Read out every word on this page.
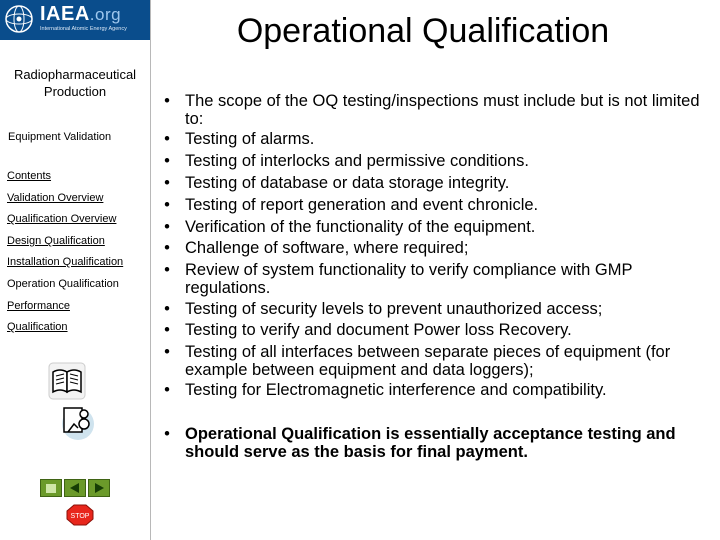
IAEA.org
International Atomic Energy Agency
Radiopharmaceutical Production
Equipment Validation
Contents
Validation Overview
Qualification Overview
Design Qualification
Installation Qualification
Operation Qualification
Performance
Qualification
STOP
Operational Qualification
• The scope of the OQ testing/inspections must include but is not limited to:
• Testing of alarms.
• Testing of interlocks and permissive conditions.
• Testing of database or data storage integrity.
• Testing of report generation and event chronicle.
• Verification of the functionality of the equipment.
• Challenge of software, where required;
• Review of system functionality to verify compliance with GMP regulations.
• Testing of security levels to prevent unauthorized access;
• Testing to verify and document Power loss Recovery.
• Testing of all interfaces between separate pieces of equipment (for example between equipment and data loggers);
• Testing for Electromagnetic interference and compatibility.
• Operational Qualification is essentially acceptance testing and should serve as the basis for final payment.
